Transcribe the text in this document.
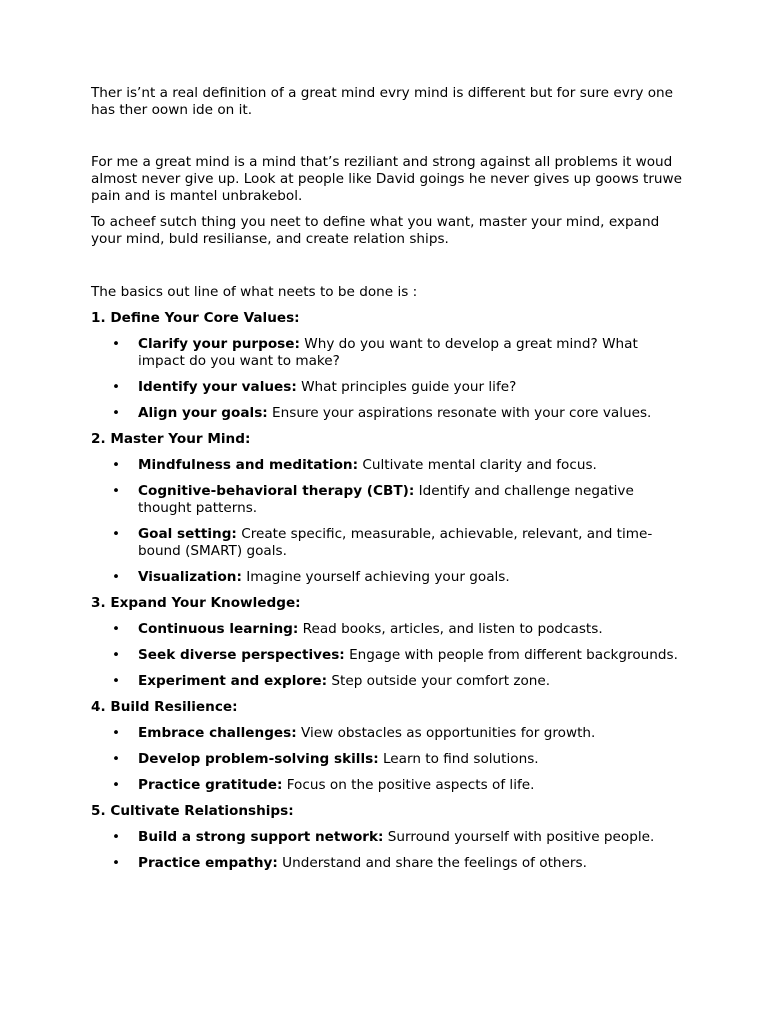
Ther is’nt a real definition of a great mind evry mind is different but for sure evry one has ther oown ide on it.

For me a great mind is a mind that’s reziliant and strong against all problems it woud almost never give up. Look at people like David goings he never gives up goows truwe pain and is mantel unbrakebol.

To acheef sutch thing you neet to define what you want, master your mind, expand your mind, buld resilianse, and create relation ships.

The basics out line of what neets to be done is :

1. Define Your Core Values:

• Clarify your purpose: Why do you want to develop a great mind? What impact do you want to make?
• Identify your values: What principles guide your life?
• Align your goals: Ensure your aspirations resonate with your core values.

2. Master Your Mind:

• Mindfulness and meditation: Cultivate mental clarity and focus.
• Cognitive-behavioral therapy (CBT): Identify and challenge negative thought patterns.
• Goal setting: Create specific, measurable, achievable, relevant, and time-bound (SMART) goals.
• Visualization: Imagine yourself achieving your goals.

3. Expand Your Knowledge:

• Continuous learning: Read books, articles, and listen to podcasts.
• Seek diverse perspectives: Engage with people from different backgrounds.
• Experiment and explore: Step outside your comfort zone.

4. Build Resilience:

• Embrace challenges: View obstacles as opportunities for growth.
• Develop problem-solving skills: Learn to find solutions.
• Practice gratitude: Focus on the positive aspects of life.

5. Cultivate Relationships:

• Build a strong support network: Surround yourself with positive people.
• Practice empathy: Understand and share the feelings of others.
